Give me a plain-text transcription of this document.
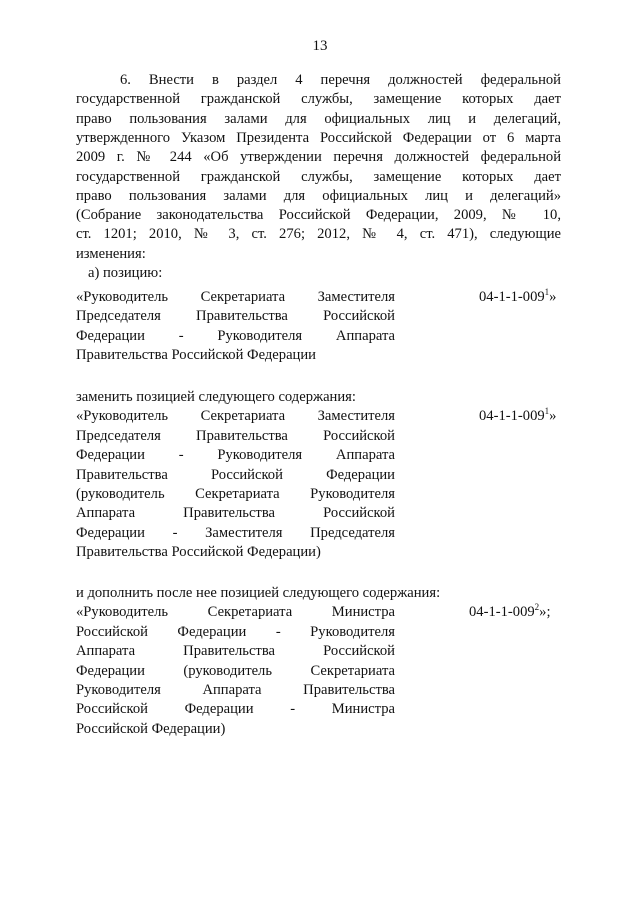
13
6. Внести в раздел 4 перечня должностей федеральной
государственной гражданской службы, замещение которых дает
право пользования залами для официальных лиц и делегаций,
утвержденного Указом Президента Российской Федерации от 6 марта
2009 г. № 244 «Об утверждении перечня должностей федеральной
государственной гражданской службы, замещение которых дает
право пользования залами для официальных лиц и делегаций»
(Собрание законодательства Российской Федерации, 2009, № 10,
ст. 1201; 2010, № 3, ст. 276; 2012, № 4, ст. 471), следующие
изменения:
а) позицию:
«Руководитель Секретариата Заместителя
Председателя Правительства Российской
Федерации - Руководителя Аппарата
Правительства Российской Федерации
$04-1-1-009^1$»
заменить позицией следующего содержания:
«Руководитель Секретариата Заместителя
Председателя Правительства Российской
Федерации - Руководителя Аппарата
Правительства Российской Федерации
(руководитель Секретариата Руководителя
Аппарата Правительства Российской
Федерации - Заместителя Председателя
Правительства Российской Федерации)
$04-1-1-009^1$»
и дополнить после нее позицией следующего содержания:
«Руководитель Секретариата Министра
Российской Федерации - Руководителя
Аппарата Правительства Российской
Федерации (руководитель Секретариата
Руководителя Аппарата Правительства
Российской Федерации - Министра
Российской Федерации)
$04-1-1-009^2$»;
